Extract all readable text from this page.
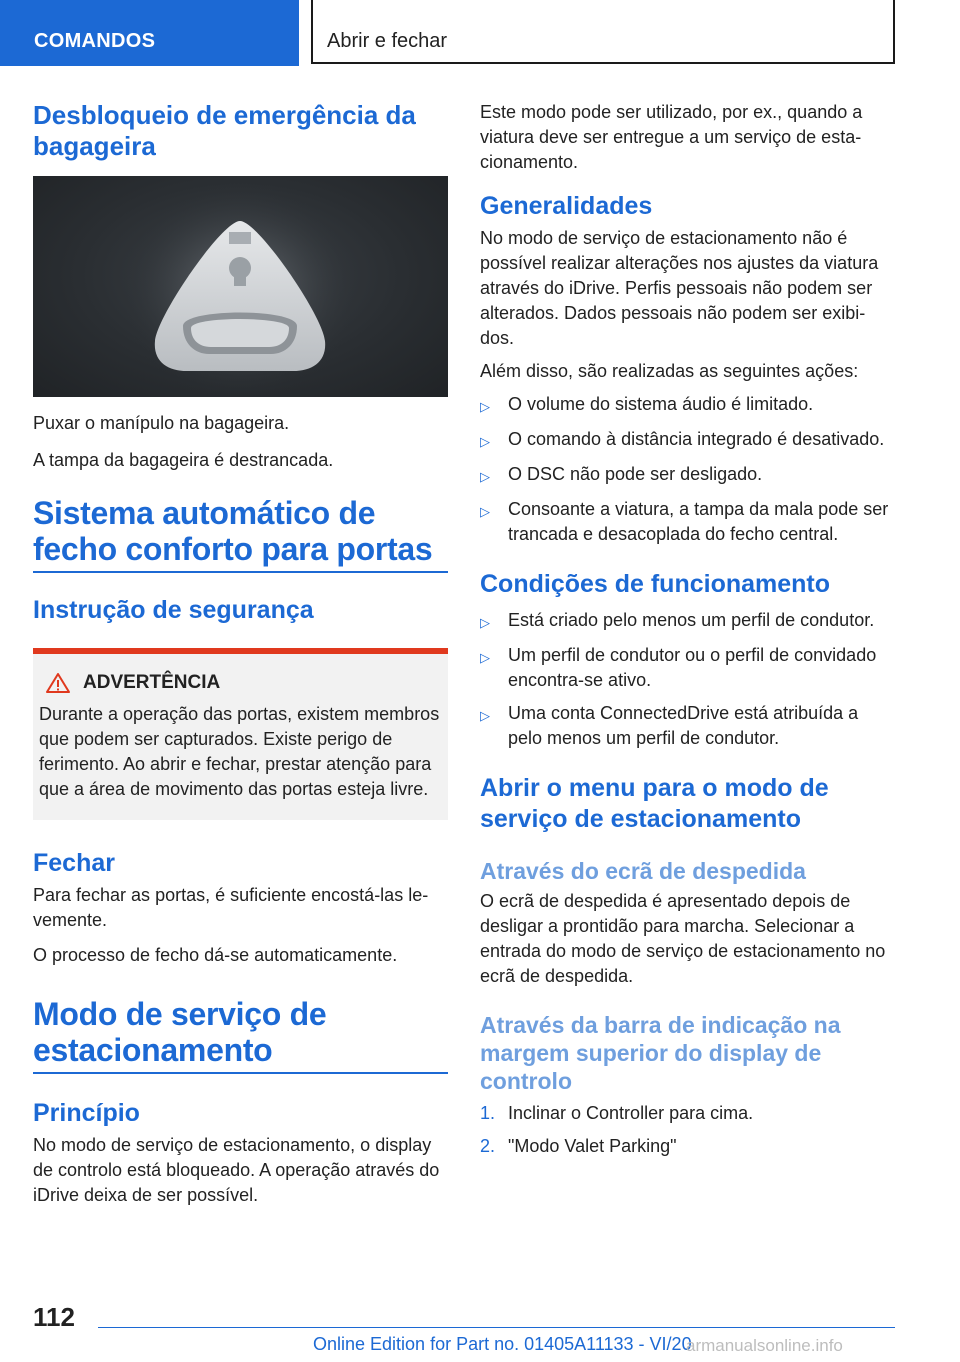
COMANDOS	Abrir e fechar
Desbloqueio de emergência da bagageira

Puxar o manípulo na bagageira.

A tampa da bagageira é destrancada.

Sistema automático de fecho conforto para portas
Instrução de segurança
ADVERTÊNCIA

Durante a operação das portas, existem membros que podem ser capturados. Existe perigo de ferimento. Ao abrir e fechar, prestar atenção para que a área de movimento das portas esteja livre.

Fechar

Para fechar as portas, é suficiente encostá-las levemente.

O processo de fecho dá-se automaticamente.

Modo de serviço de estacionamento
Princípio

No modo de serviço de estacionamento, o display de controlo está bloqueado. A operação através do iDrive deixa de ser possível.

Este modo pode ser utilizado, por ex., quando a viatura deve ser entregue a um serviço de estacionamento.

Generalidades

No modo de serviço de estacionamento não é possível realizar alterações nos ajustes da viatura através do iDrive. Perfis pessoais não podem ser alterados. Dados pessoais não podem ser exibidos.

Além disso, são realizadas as seguintes ações:

▷	O volume do sistema áudio é limitado.
▷	O comando à distância integrado é desativado.
▷	O DSC não pode ser desligado.
▷	Consoante a viatura, a tampa da mala pode ser trancada e desacoplada do fecho central.
Condições de funcionamento
▷	Está criado pelo menos um perfil de condutor.
▷	Um perfil de condutor ou o perfil de convidado encontra-se ativo.
▷	Uma conta ConnectedDrive está atribuída a pelo menos um perfil de condutor.
Abrir o menu para o modo de serviço de estacionamento
Através do ecrã de despedida

O ecrã de despedida é apresentado depois de desligar a prontidão para marcha. Selecionar a entrada do modo de serviço de estacionamento no ecrã de despedida.

Através da barra de indicação na margem superior do display de controlo
1. Inclinar o Controller para cima.
2. "Modo Valet Parking"
112
Online Edition for Part no. 01405A11133 - VI/20
armanualsonline.info
